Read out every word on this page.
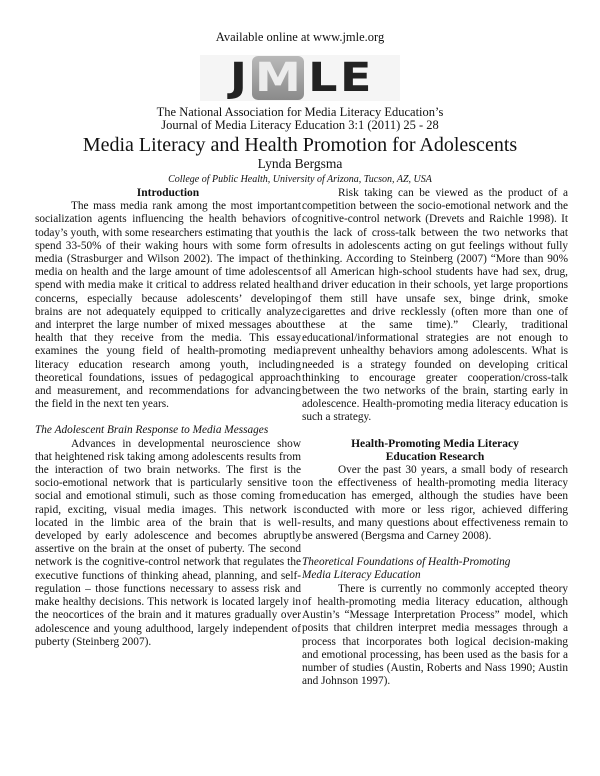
Available online at www.jmle.org
J M L E
The National Association for Media Literacy Education’s
Journal of Media Literacy Education 3:1 (2011) 25 - 28
Media Literacy and Health Promotion for Adolescents
Lynda Bergsma
College of Public Health, University of Arizona, Tucson, AZ, USA
Introduction

The mass media rank among the most important socialization agents influencing the health behaviors of today’s youth, with some researchers estimating that youth spend 33-50% of their waking hours with some form of media (Strasburger and Wilson 2002). The impact of the media on health and the large amount of time adolescents spend with media make it critical to address related health concerns, especially because adolescents’ developing brains are not adequately equipped to critically analyze and interpret the large number of mixed messages about health that they receive from the media. This essay examines the young field of health-promoting media literacy education research among youth, including theoretical foundations, issues of pedagogical approach and measurement, and recommendations for advancing the field in the next ten years.

The Adolescent Brain Response to Media Messages

Advances in developmental neuroscience show that heightened risk taking among adolescents results from the interaction of two brain networks. The first is the socio-emotional network that is particularly sensitive to social and emotional stimuli, such as those coming from rapid, exciting, visual media images. This network is located in the limbic area of the brain that is well-developed by early adolescence and becomes abruptly assertive on the brain at the onset of puberty. The second network is the cognitive-control network that regulates the executive functions of thinking ahead, planning, and self-regulation – those functions necessary to assess risk and make healthy decisions. This network is located largely in the neocortices of the brain and it matures gradually over adolescence and young adulthood, largely independent of puberty (Steinberg 2007).

Risk taking can be viewed as the product of a competition between the socio-emotional network and the cognitive-control network (Drevets and Raichle 1998). It is the lack of cross-talk between the two networks that results in adolescents acting on gut feelings without fully thinking. According to Steinberg (2007) “More than 90% of all American high-school students have had sex, drug, and driver education in their schools, yet large proportions of them still have unsafe sex, binge drink, smoke cigarettes and drive recklessly (often more than one of these at the same time).” Clearly, traditional educational/informational strategies are not enough to prevent unhealthy behaviors among adolescents. What is needed is a strategy founded on developing critical thinking to encourage greater cooperation/cross-talk between the two networks of the brain, starting early in adolescence. Health-promoting media literacy education is such a strategy.

Health-Promoting Media Literacy
Education Research

Over the past 30 years, a small body of research on the effectiveness of health-promoting media literacy education has emerged, although the studies have been conducted with more or less rigor, achieved differing results, and many questions about effectiveness remain to be answered (Bergsma and Carney 2008).

Theoretical Foundations of Health-Promoting
Media Literacy Education

There is currently no commonly accepted theory of health-promoting media literacy education, although Austin’s “Message Interpretation Process” model, which posits that children interpret media messages through a process that incorporates both logical decision-making and emotional processing, has been used as the basis for a number of studies (Austin, Roberts and Nass 1990; Austin and Johnson 1997).
